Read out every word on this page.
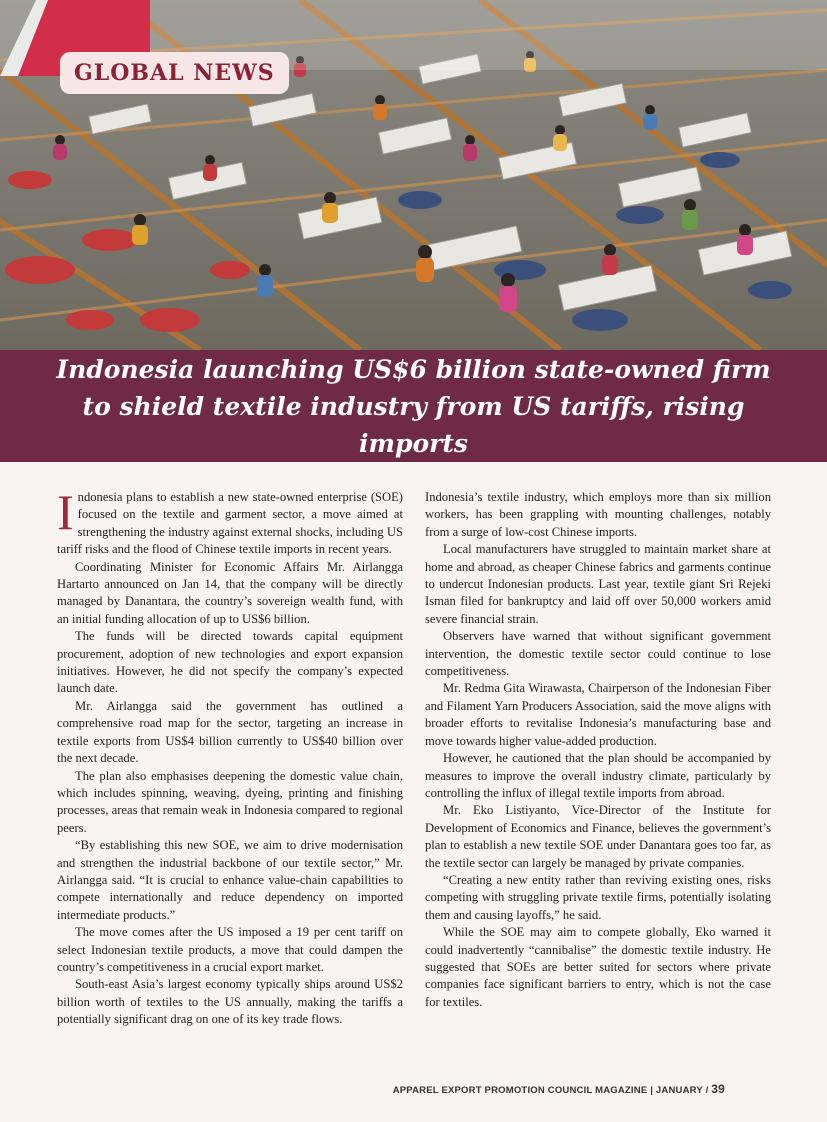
GLOBAL NEWS
Indonesia launching US$6 billion state-owned firm to shield textile industry from US tariffs, rising imports

Indonesia plans to establish a new state-owned enterprise (SOE) focused on the textile and garment sector, a move aimed at strengthening the industry against external shocks, including US tariff risks and the flood of Chinese textile imports in recent years.

Coordinating Minister for Economic Affairs Mr. Airlangga Hartarto announced on Jan 14, that the company will be directly managed by Danantara, the country’s sovereign wealth fund, with an initial funding allocation of up to US$6 billion.

The funds will be directed towards capital equipment procurement, adoption of new technologies and export expansion initiatives. However, he did not specify the company’s expected launch date.

Mr. Airlangga said the government has outlined a comprehensive road map for the sector, targeting an increase in textile exports from US$4 billion currently to US$40 billion over the next decade.

The plan also emphasises deepening the domestic value chain, which includes spinning, weaving, dyeing, printing and finishing processes, areas that remain weak in Indonesia compared to regional peers.

“By establishing this new SOE, we aim to drive modernisation and strengthen the industrial backbone of our textile sector,” Mr. Airlangga said. “It is crucial to enhance value-chain capabilities to compete internationally and reduce dependency on imported intermediate products.”

The move comes after the US imposed a 19 per cent tariff on select Indonesian textile products, a move that could dampen the country’s competitiveness in a crucial export market.

South-east Asia’s largest economy typically ships around US$2 billion worth of textiles to the US annually, making the tariffs a potentially significant drag on one of its key trade flows.

Indonesia’s textile industry, which employs more than six million workers, has been grappling with mounting challenges, notably from a surge of low-cost Chinese imports.

Local manufacturers have struggled to maintain market share at home and abroad, as cheaper Chinese fabrics and garments continue to undercut Indonesian products. Last year, textile giant Sri Rejeki Isman filed for bankruptcy and laid off over 50,000 workers amid severe financial strain.

Observers have warned that without significant government intervention, the domestic textile sector could continue to lose competitiveness.

Mr. Redma Gita Wirawasta, Chairperson of the Indonesian Fiber and Filament Yarn Producers Association, said the move aligns with broader efforts to revitalise Indonesia’s manufacturing base and move towards higher value-added production.

However, he cautioned that the plan should be accompanied by measures to improve the overall industry climate, particularly by controlling the influx of illegal textile imports from abroad.

Mr. Eko Listiyanto, Vice-Director of the Institute for Development of Economics and Finance, believes the government’s plan to establish a new textile SOE under Danantara goes too far, as the textile sector can largely be managed by private companies.

“Creating a new entity rather than reviving existing ones, risks competing with struggling private textile firms, potentially isolating them and causing layoffs,” he said.

While the SOE may aim to compete globally, Eko warned it could inadvertently “cannibalise” the domestic textile industry. He suggested that SOEs are better suited for sectors where private companies face significant barriers to entry, which is not the case for textiles.

APPAREL EXPORT PROMOTION COUNCIL MAGAZINE | JANUARY / 39
